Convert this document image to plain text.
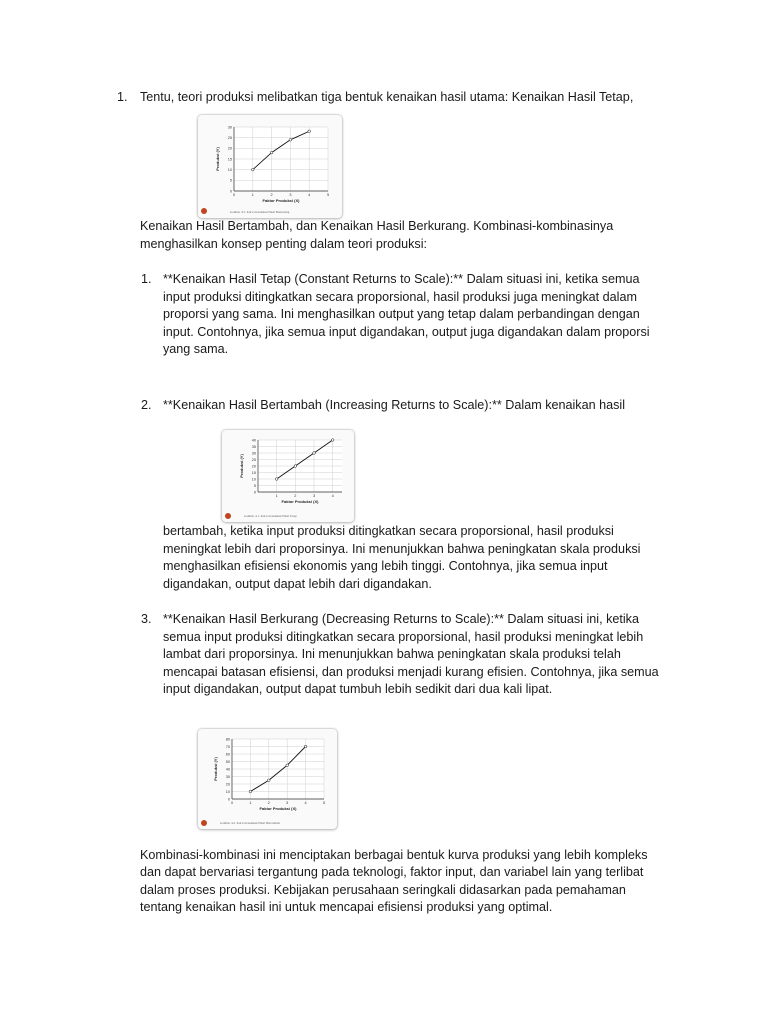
1. Tentu, teori produksi melibatkan tiga bentuk kenaikan hasil utama: Kenaikan Hasil Tetap,
0
5
10
15
20
25
30
0	1	2	3	4	5
Faktor Produksi (X)
Produksi (Y)
Gambar 4.5. Kurva Kenaikan Hasil Berkurang
Kenaikan Hasil Bertambah, dan Kenaikan Hasil Berkurang. Kombinasi-kombinasinya
menghasilkan konsep penting dalam teori produksi:
1. **Kenaikan Hasil Tetap (Constant Returns to Scale):** Dalam situasi ini, ketika semua
input produksi ditingkatkan secara proporsional, hasil produksi juga meningkat dalam
proporsi yang sama. Ini menghasilkan output yang tetap dalam perbandingan dengan
input. Contohnya, jika semua input digandakan, output juga digandakan dalam proporsi
yang sama.
2. **Kenaikan Hasil Bertambah (Increasing Returns to Scale):** Dalam kenaikan hasil
0
5
10
15
20
25
30
35
40
1	2	3	4
Faktor Produksi (X)
Produksi (Y)
Gambar 4.1. Kurva Kenaikan Hasil Tetap
bertambah, ketika input produksi ditingkatkan secara proporsional, hasil produksi
meningkat lebih dari proporsinya. Ini menunjukkan bahwa peningkatan skala produksi
menghasilkan efisiensi ekonomis yang lebih tinggi. Contohnya, jika semua input
digandakan, output dapat lebih dari digandakan.
3. **Kenaikan Hasil Berkurang (Decreasing Returns to Scale):** Dalam situasi ini, ketika
semua input produksi ditingkatkan secara proporsional, hasil produksi meningkat lebih
lambat dari proporsinya. Ini menunjukkan bahwa peningkatan skala produksi telah
mencapai batasan efisiensi, dan produksi menjadi kurang efisien. Contohnya, jika semua
input digandakan, output dapat tumbuh lebih sedikit dari dua kali lipat.
0
10
20
30
40
50
60
70
80
0	1	2	3	4	5
Faktor Produksi (X)
Produksi (Y)
Gambar 4.2. Kurva Kenaikan Hasil Bertambah
Kombinasi-kombinasi ini menciptakan berbagai bentuk kurva produksi yang lebih kompleks
dan dapat bervariasi tergantung pada teknologi, faktor input, dan variabel lain yang terlibat
dalam proses produksi. Kebijakan perusahaan seringkali didasarkan pada pemahaman
tentang kenaikan hasil ini untuk mencapai efisiensi produksi yang optimal.
